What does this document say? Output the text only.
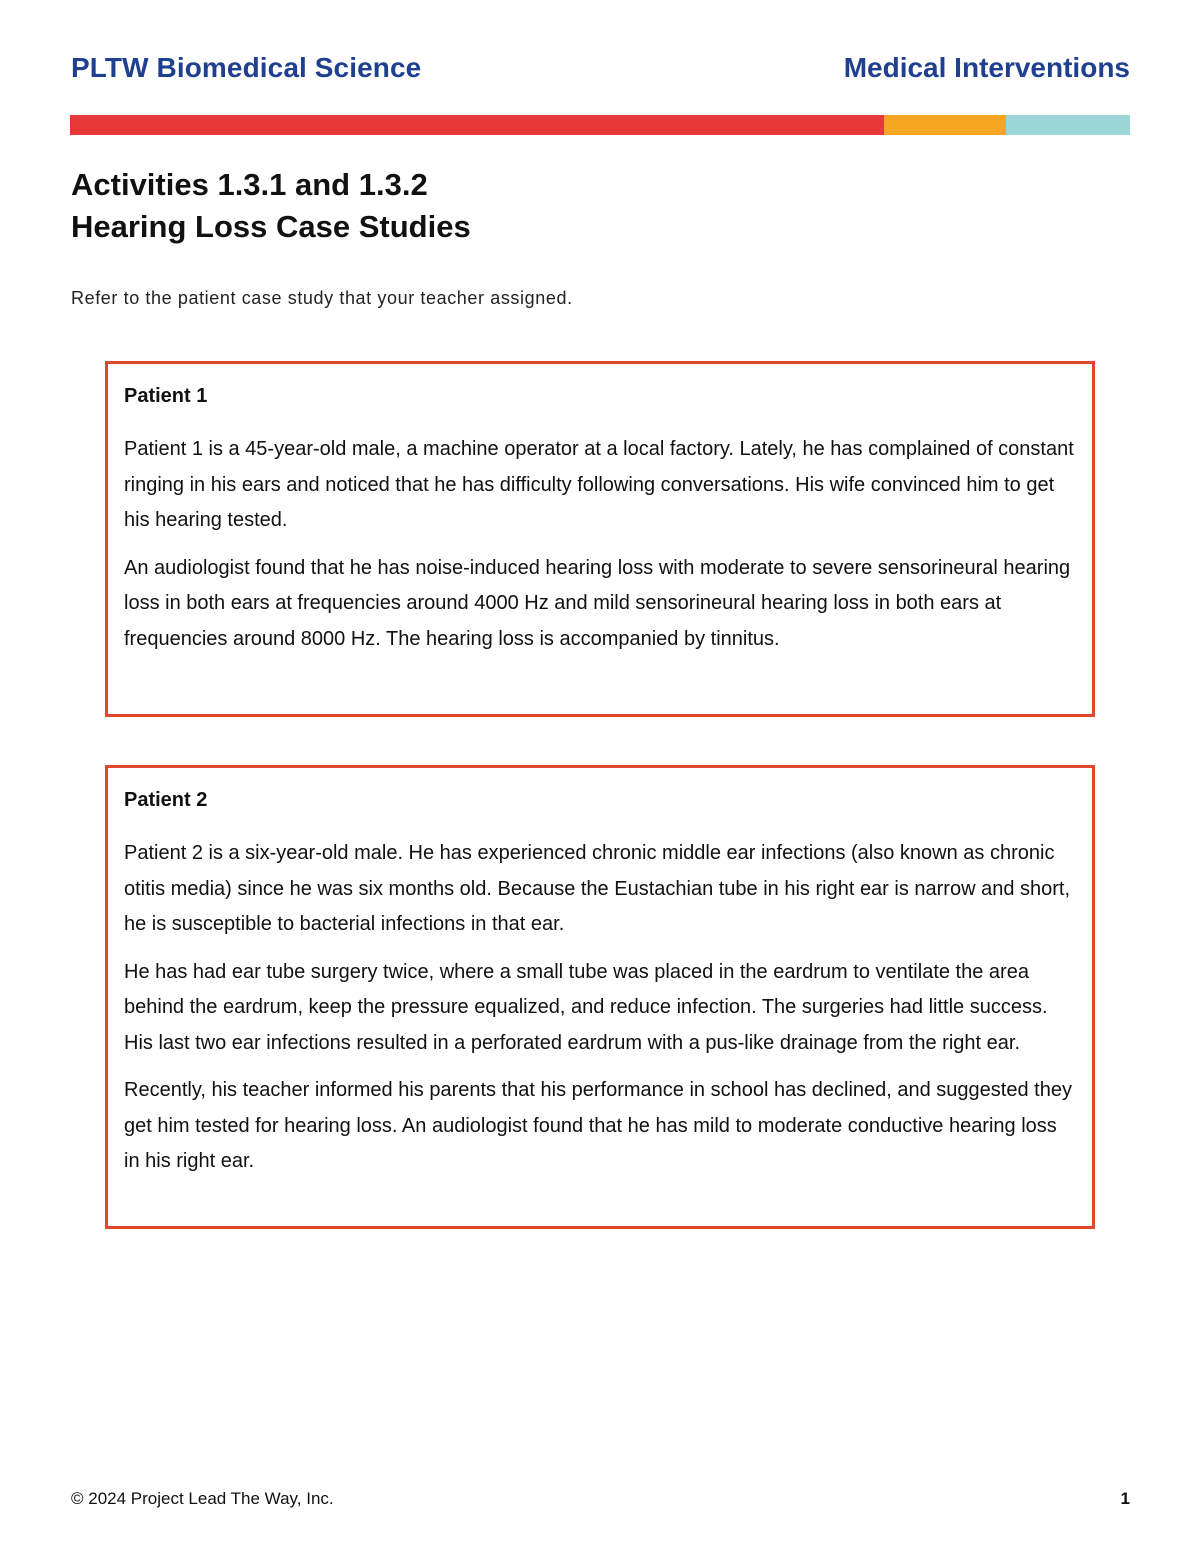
PLTW Biomedical Science	Medical Interventions
Activities 1.3.1 and 1.3.2
Hearing Loss Case Studies
Refer to the patient case study that your teacher assigned.
Patient 1

Patient 1 is a 45-year-old male, a machine operator at a local factory. Lately, he has complained of constant ringing in his ears and noticed that he has difficulty following conversations. His wife convinced him to get his hearing tested.

An audiologist found that he has noise-induced hearing loss with moderate to severe sensorineural hearing loss in both ears at frequencies around 4000 Hz and mild sensorineural hearing loss in both ears at frequencies around 8000 Hz. The hearing loss is accompanied by tinnitus.

Patient 2

Patient 2 is a six-year-old male. He has experienced chronic middle ear infections (also known as chronic otitis media) since he was six months old. Because the Eustachian tube in his right ear is narrow and short, he is susceptible to bacterial infections in that ear.

He has had ear tube surgery twice, where a small tube was placed in the eardrum to ventilate the area behind the eardrum, keep the pressure equalized, and reduce infection. The surgeries had little success. His last two ear infections resulted in a perforated eardrum with a pus-like drainage from the right ear.

Recently, his teacher informed his parents that his performance in school has declined, and suggested they get him tested for hearing loss. An audiologist found that he has mild to moderate conductive hearing loss in his right ear.

© 2024 Project Lead The Way, Inc.	1
